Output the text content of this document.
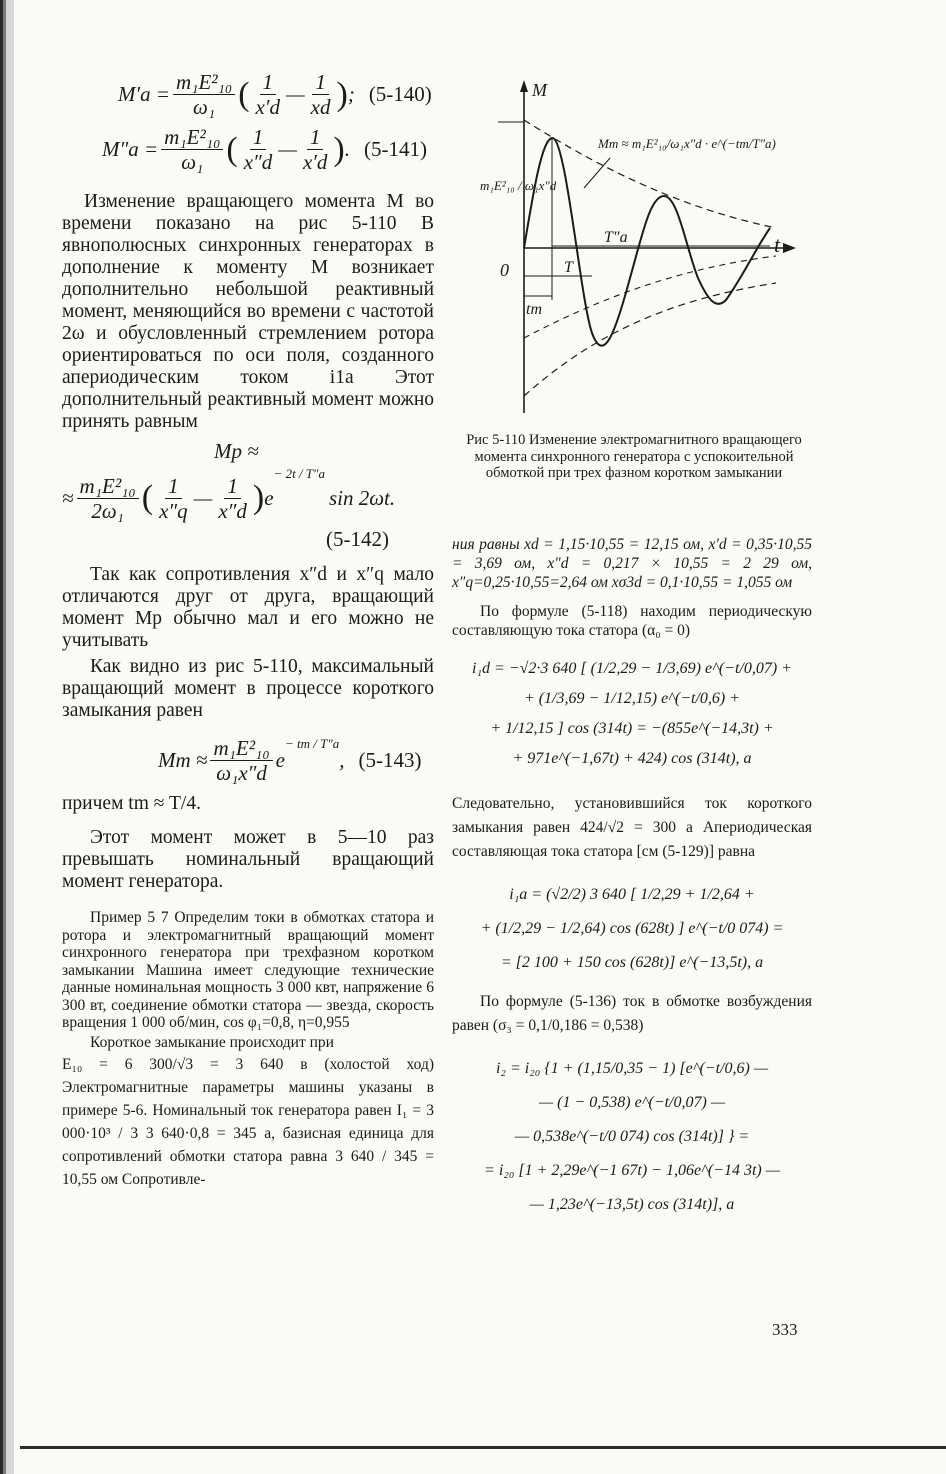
$M'a = \frac{\text{m₁E²₁₀}}{\text{ω₁}}$ ( $\frac{1}{x'd}$ — $\frac{1}{xd}$ ) ; (5-140)
$M''a = \frac{\text{m₁E²₁₀}}{\text{ω₁}}$ ( $\frac{1}{x''d}$ — $\frac{1}{x'd}$ ) . (5-141)

Изменение вращающего момента M во времени показано на рис 5-110 В явнополюсных синхронных генераторах в дополнение к моменту M возникает дополнительно небольшой реактивный момент, меняющийся во времени с частотой 2ω и обусловленный стремлением ротора ориентироваться по оси поля, созданного апериодическим током i1a Этот дополнительный реактивный момент можно принять равным

Mp ≈
≈ $\frac{\text{m₁E²₁₀}}{\text{2ω₁}}$ ( $\frac{1}{x''q}$ — $\frac{1}{x''d}$ ) e
− 2t / T″a
sin 2ωt.
(5-142)

Так как сопротивления x″d и x″q мало отличаются друг от друга, вращающий момент Mp обычно мал и его можно не учитывать

Как видно из рис 5-110, максимальный вращающий момент в процессе короткого замыкания равен

$Mm \approx \frac{\text{m₁E²₁₀}}{\text{ω₁x″d}}$ e
$^{- tm / T''a}$
, (5-143)

причем tm ≈ T/4.

Этот момент может в 5—10 раз превышать номинальный вращающий момент генератора.

Пример 5 7 Определим токи в обмотках статора и ротора и электромагнитный вращающий момент синхронного генератора при трехфазном коротком замыкании Машина имеет следующие технические данные номинальная мощность 3 000 квт, напряжение 6 300 вт, соединение обмотки статора — звезда, скорость вращения 1 000 об/мин, cos φ₁=0,8, η=0,955

Короткое замыкание происходит при

E₁₀ = 6 300/√3 = 3 640 в (холостой ход) Электромагнитные параметры машины указаны в примере 5-6. Номинальный ток генератора равен I₁ = 3 000·10³ / 3 3 640·0,8 = 345 а, базисная единица для сопротивлений обмотки статора равна 3 640 / 345 = 10,55 ом Сопротивле-

M
t
0
Mm ≈ m₁E²₁₀/ω₁x″d · e^(−tm/T″a)
m₁E²₁₀ / ω₁x″d
T″a
T
tm
Рис 5-110 Изменение электромагнитного вращающего момента синхронного генератора с успокоительной обмоткой при трех фазном коротком замыкании

ния равны xd = 1,15·10,55 = 12,15 ом, x′d = 0,35·10,55 = 3,69 ом, x″d = 0,217 × 10,55 = 2 29 ом, x″q=0,25·10,55=2,64 ом xσ3d = 0,1·10,55 = 1,055 ом

По формуле (5-118) находим периодическую составляющую тока статора (α₀ = 0)

i₁d = −√2·3 640 [ (1/2,29 − 1/3,69) e^(−t/0,07) +
+ (1/3,69 − 1/12,15) e^(−t/0,6) +
+ 1/12,15 ] cos (314t) = −(855e^(−14,3t) +
+ 971e^(−1,67t) + 424) cos (314t), а

Следовательно, установившийся ток короткого замыкания равен 424/√2 = 300 а Апериодическая составляющая тока статора [см (5-129)] равна

i₁a = (√2/2) 3 640 [ 1/2,29 + 1/2,64 +
+ (1/2,29 − 1/2,64) cos (628t) ] e^(−t/0 074) =
= [2 100 + 150 cos (628t)] e^(−13,5t), а

По формуле (5-136) ток в обмотке возбуждения равен (σ₃ = 0,1/0,186 = 0,538)

i₂ = i₂₀ {1 + (1,15/0,35 − 1) [e^(−t/0,6) —
— (1 − 0,538) e^(−t/0,07) —
— 0,538e^(−t/0 074) cos (314t)] } =
= i₂₀ [1 + 2,29e^(−1 67t) − 1,06e^(−14 3t) —
— 1,23e^(−13,5t) cos (314t)], а
333
